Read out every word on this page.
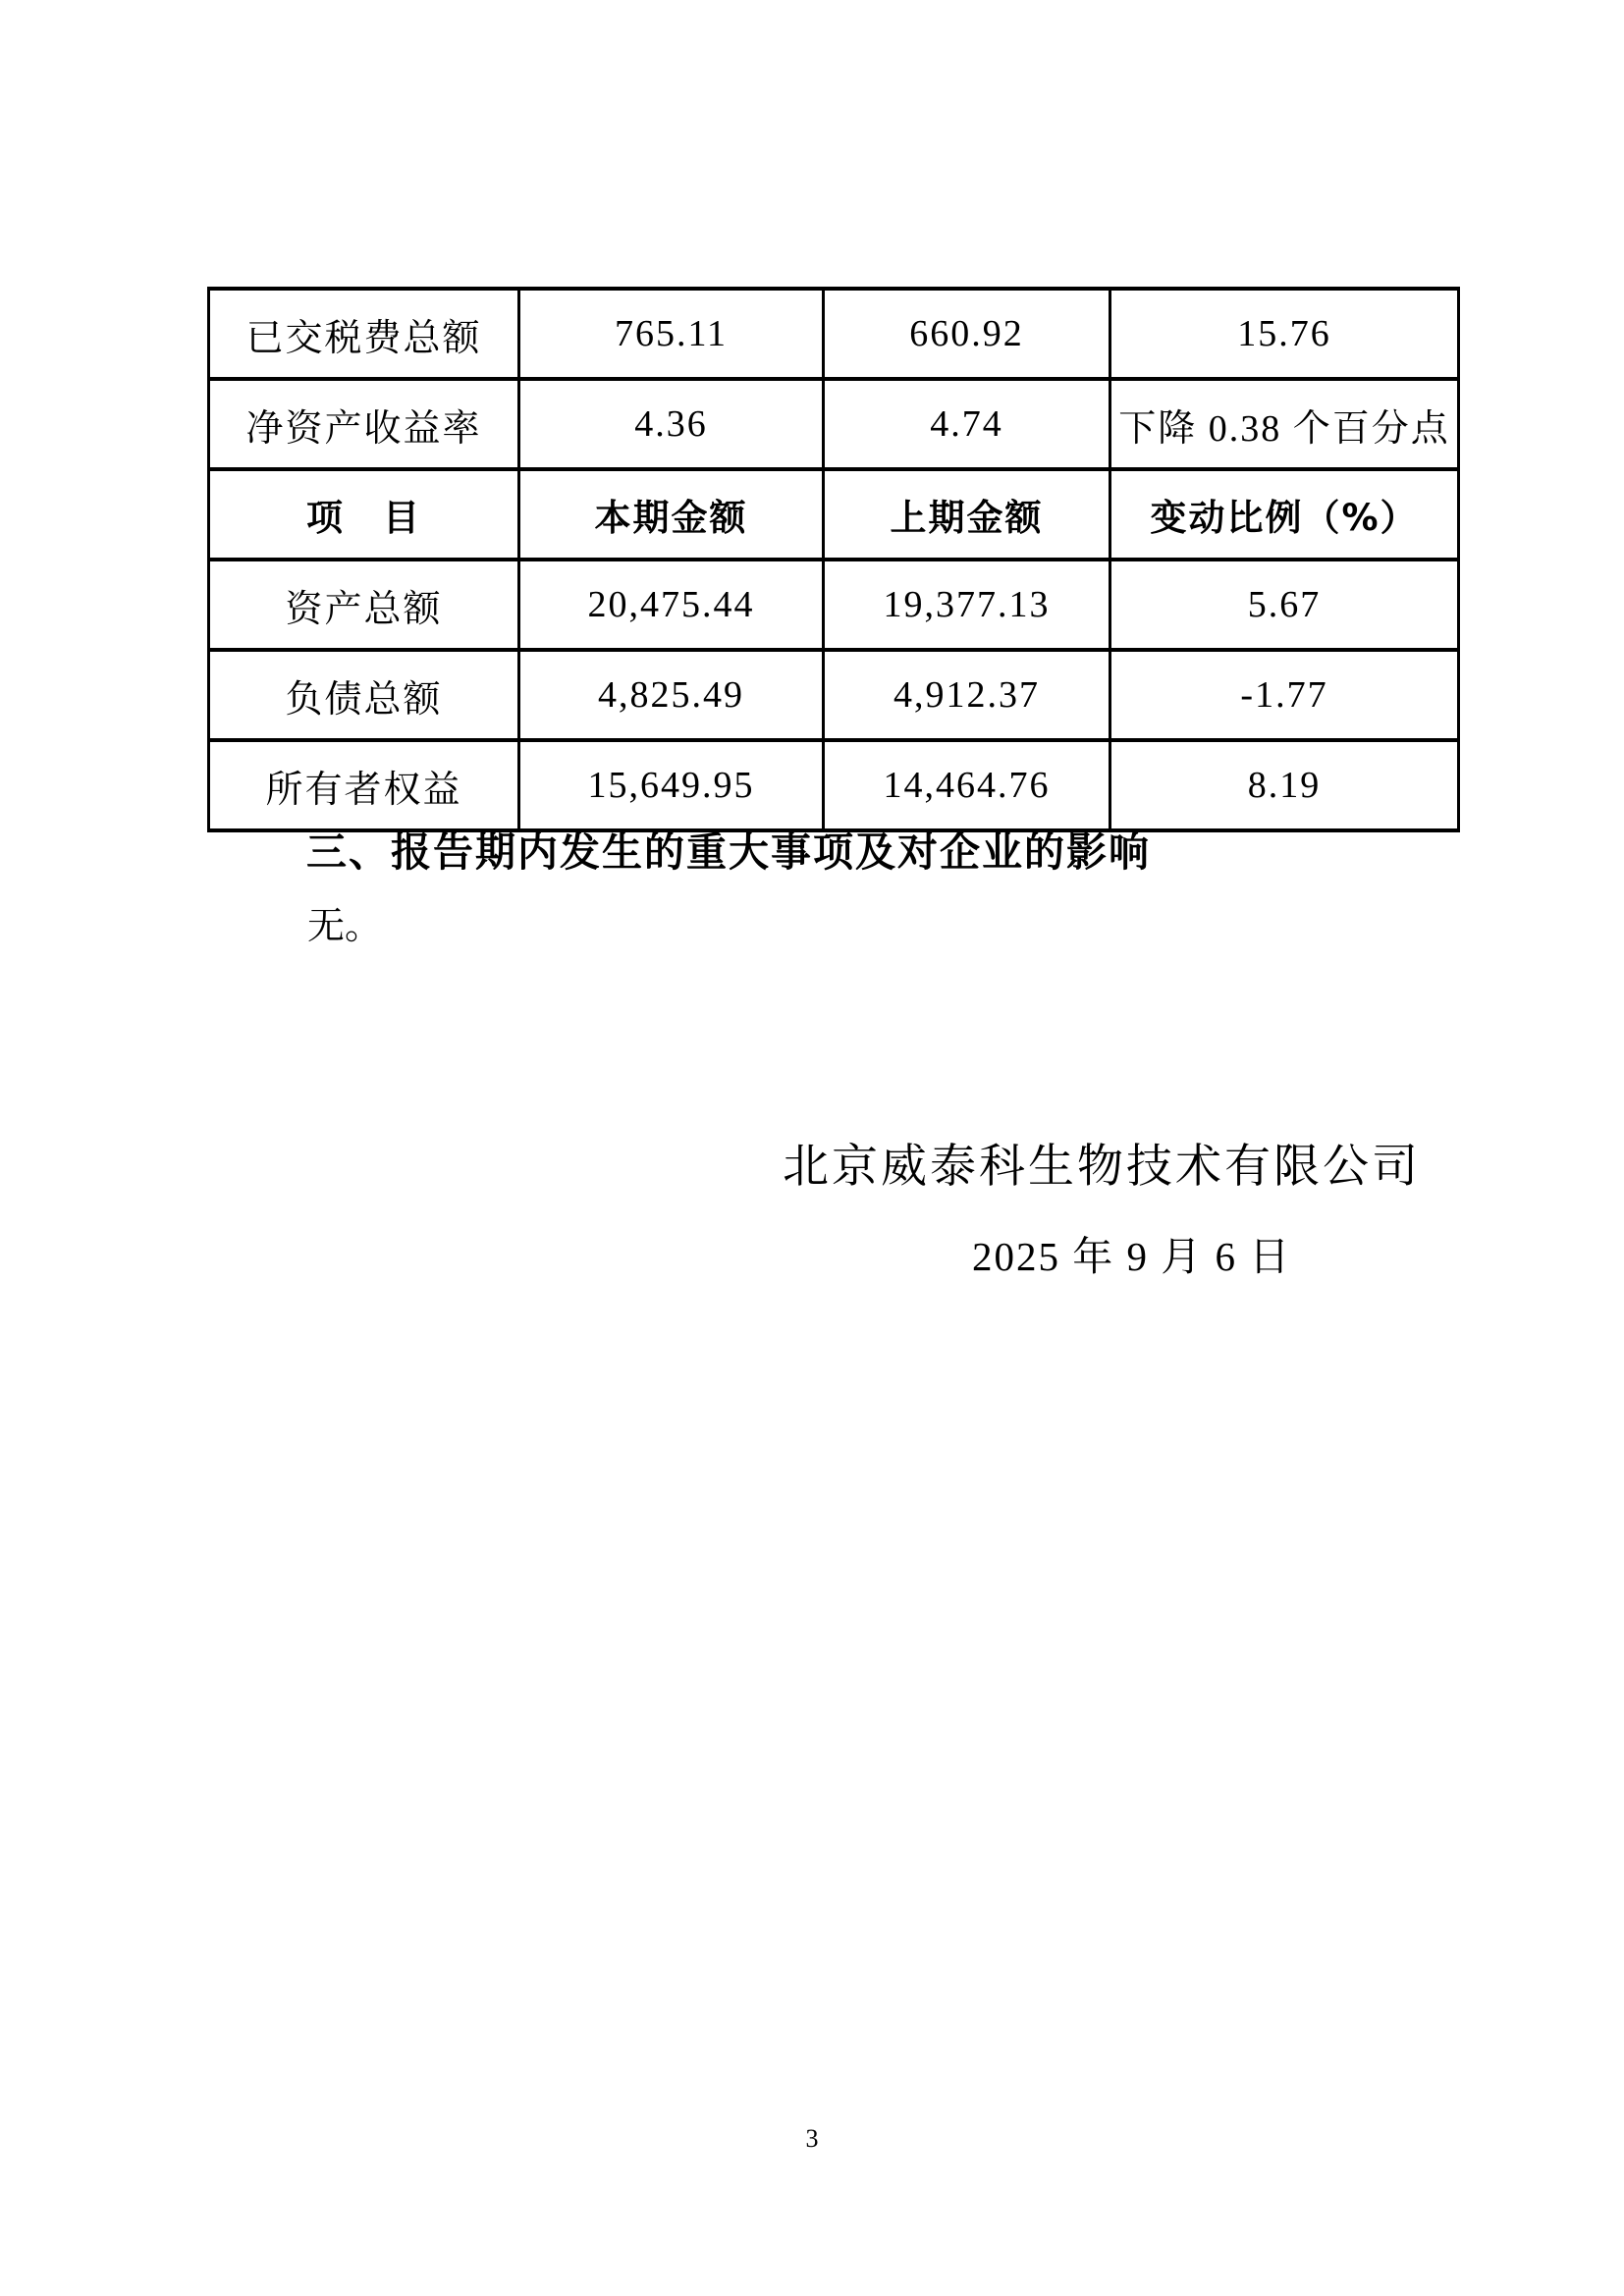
已交税费总额	765.11	660.92	15.76
净资产收益率	4.36	4.74	下降 0.38 个百分点
项　目	本期金额	上期金额	变动比例（%）
资产总额	20,475.44	19,377.13	5.67
负债总额	4,825.49	4,912.37	-1.77
所有者权益	15,649.95	14,464.76	8.19
三、报告期内发生的重大事项及对企业的影响
无。
北京威泰科生物技术有限公司
2025 年 9 月 6 日
3
